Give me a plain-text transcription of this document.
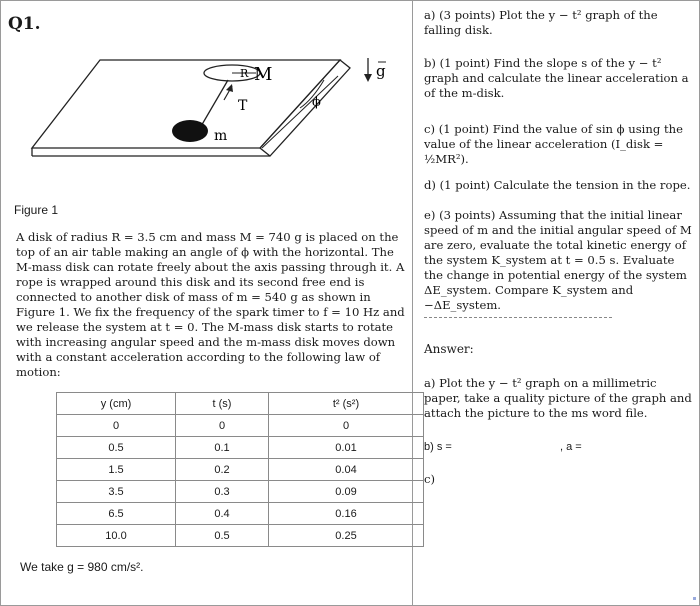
Q1.
R M
T
m
g
ϕ
Figure 1
A disk of radius R = 3.5 cm and mass M = 740 g is placed on the top of an air table making an angle of ϕ with the horizontal. The M-mass disk can rotate freely about the axis passing through it. A rope is wrapped around this disk and its second free end is connected to another disk of mass of m = 540 g as shown in Figure 1. We fix the frequency of the spark timer to f = 10 Hz and we release the system at t = 0. The M-mass disk starts to rotate with increasing angular speed and the m-mass disk moves down with a constant acceleration according to the following law of motion:
y (cm)	t (s)	t² (s²)
0	0	0
0.5	0.1	0.01
1.5	0.2	0.04
3.5	0.3	0.09
6.5	0.4	0.16
10.0	0.5	0.25
We take g = 980 cm/s².
a) (3 points) Plot the y − t² graph of the falling disk.
b) (1 point) Find the slope s of the y − t² graph and calculate the linear acceleration a of the m-disk.
c) (1 point) Find the value of sin ϕ using the value of the linear acceleration (I_disk = ½MR²).
d) (1 point) Calculate the tension in the rope.
e) (3 points) Assuming that the initial linear speed of m and the initial angular speed of M are zero, evaluate the total kinetic energy of the system K_system at t = 0.5 s. Evaluate the change in potential energy of the system ΔE_system. Compare K_system and −ΔE_system.
Answer:
a) Plot the y − t² graph on a millimetric paper, take a quality picture of the graph and attach the picture to the ms word file.
b) s =	, a =
c)
